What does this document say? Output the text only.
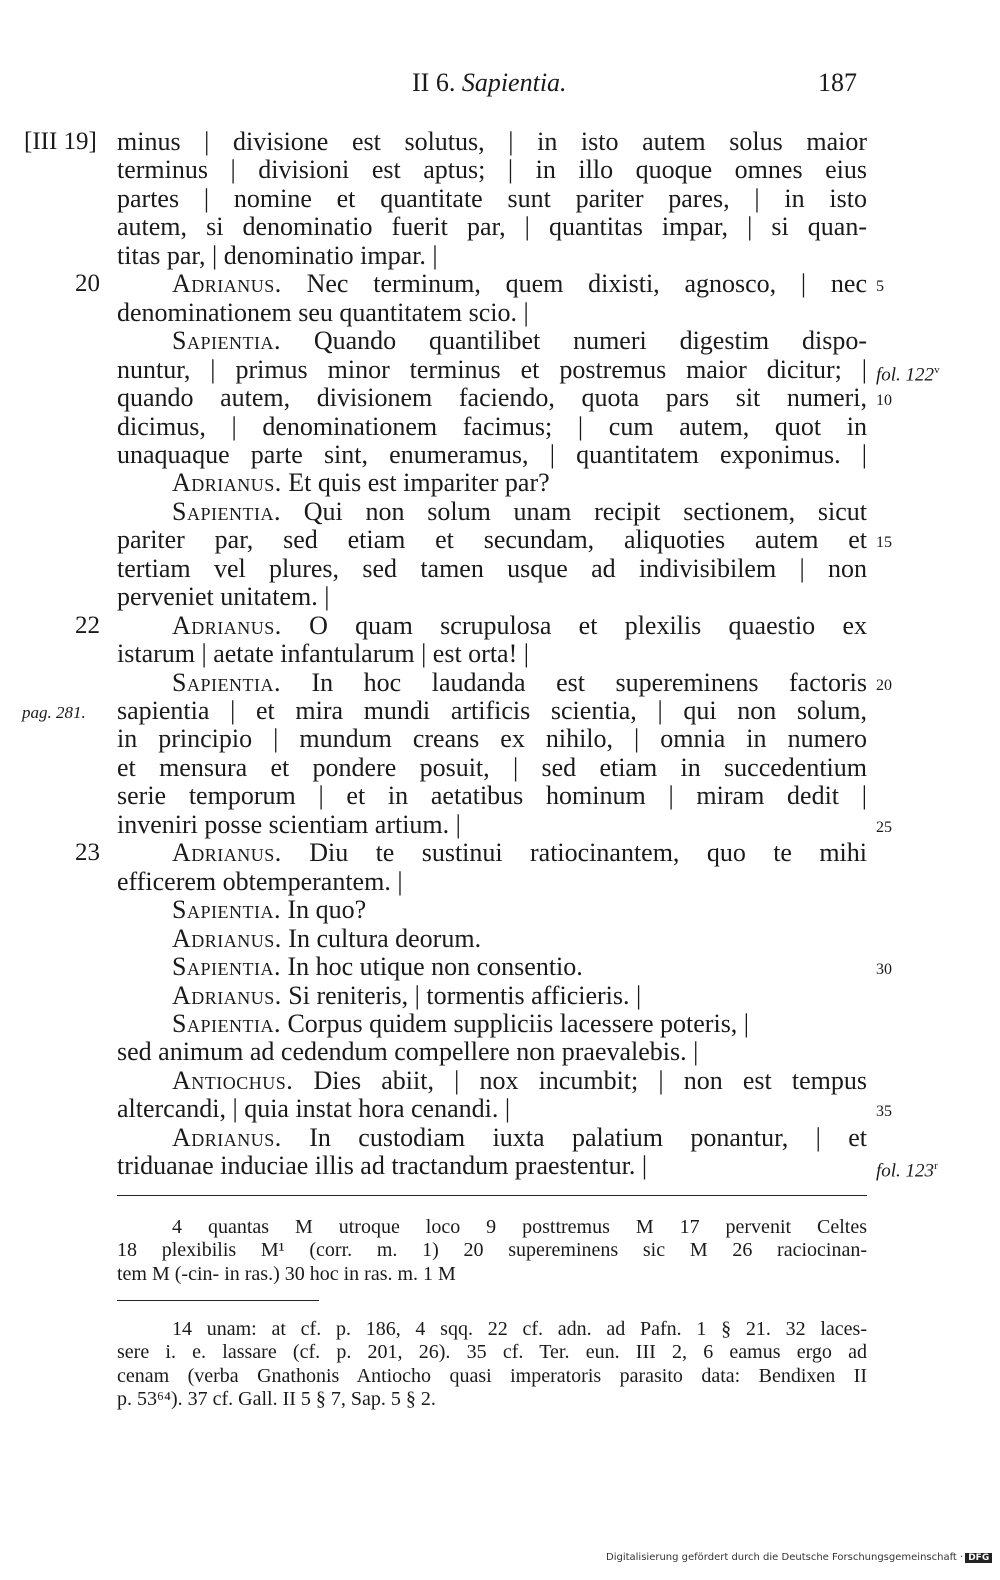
II 6. Sapientia.	187
minus | divisione est solutus, | in isto autem solus maior
terminus | divisioni est aptus; | in illo quoque omnes eius
partes | nomine et quantitate sunt pariter pares, | in isto
autem, si denominatio fuerit par, | quantitas impar, | si quan-
titas par, | denominatio impar. |
Adrianus. Nec terminum, quem dixisti, agnosco, | nec
denominationem seu quantitatem scio. |
Sapientia. Quando quantilibet numeri digestim dispo-
nuntur, | primus minor terminus et postremus maior dicitur; |
quando autem, divisionem faciendo, quota pars sit numeri,
dicimus, | denominationem facimus; | cum autem, quot in
unaquaque parte sint, enumeramus, | quantitatem exponimus. |
Adrianus. Et quis est impariter par?
Sapientia. Qui non solum unam recipit sectionem, sicut
pariter par, sed etiam et secundam, aliquoties autem et
tertiam vel plures, sed tamen usque ad indivisibilem | non
perveniet unitatem. |
Adrianus. O quam scrupulosa et plexilis quaestio ex
istarum | aetate infantularum | est orta! |
Sapientia. In hoc laudanda est supereminens factoris
sapientia | et mira mundi artificis scientia, | qui non solum,
in principio | mundum creans ex nihilo, | omnia in numero
et mensura et pondere posuit, | sed etiam in succedentium
serie temporum | et in aetatibus hominum | miram dedit |
inveniri posse scientiam artium. |
Adrianus. Diu te sustinui ratiocinantem, quo te mihi
efficerem obtemperantem. |
Sapientia. In quo?
Adrianus. In cultura deorum.
Sapientia. In hoc utique non consentio.
Adrianus. Si reniteris, | tormentis afficieris. |
Sapientia. Corpus quidem suppliciis lacessere poteris, |
sed animum ad cedendum compellere non praevalebis. |
Antiochus. Dies abiit, | nox incumbit; | non est tempus
altercandi, | quia instat hora cenandi. |
Adrianus. In custodiam iuxta palatium ponantur, | et
triduanae induciae illis ad tractandum praestentur. |
[III 19]
20
22
pag. 281.
23
5
fol. 122$^v$
10
15
20
25
30
35
fol. 123$^r$
4 quantas M utroque loco 9 posttremus M 17 pervenit Celtes
18 plexibilis M¹ (corr. m. 1) 20 supereminens sic M 26 raciocinan-
tem M (-cin- in ras.) 30 hoc in ras. m. 1 M
14 unam: at cf. p. 186, 4 sqq. 22 cf. adn. ad Pafn. 1 § 21. 32 laces-
sere i. e. lassare (cf. p. 201, 26). 35 cf. Ter. eun. III 2, 6 eamus ergo ad
cenam (verba Gnathonis Antiocho quasi imperatoris parasito data: Bendixen II
p. 53⁶⁴). 37 cf. Gall. II 5 § 7, Sap. 5 § 2.
Digitalisierung gefördert durch die Deutsche Forschungsgemeinschaft · DFG
